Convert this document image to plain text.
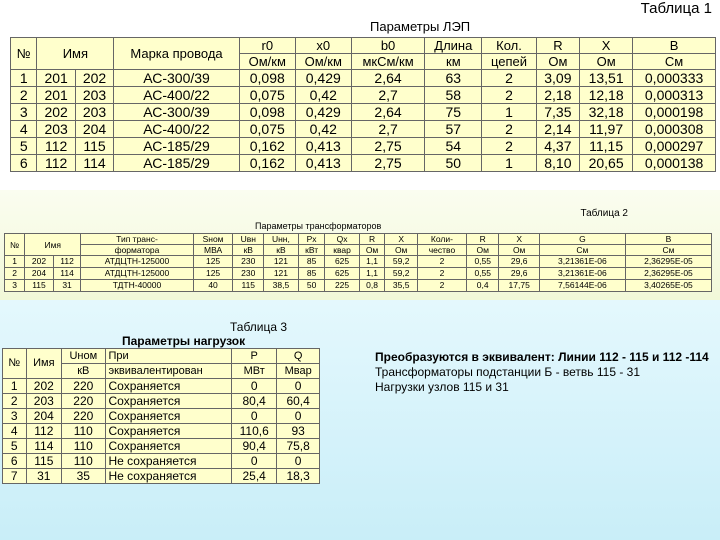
Таблица 1
Параметры ЛЭП
№	Имя		Марка провода	r0	x0	b0	Длина	Кол.	R	X	B
				Ом/км	Ом/км	мкСм/км	км	цепей	Ом	Ом	См
1	201	202	АС-300/39	0,098	0,429	2,64	63	2	3,09	13,51	0,000333
2	201	203	АС-400/22	0,075	0,42	2,7	58	2	2,18	12,18	0,000313
3	202	203	АС-300/39	0,098	0,429	2,64	75	1	7,35	32,18	0,000198
4	203	204	АС-400/22	0,075	0,42	2,7	57	2	2,14	11,97	0,000308
5	112	115	АС-185/29	0,162	0,413	2,75	54	2	4,37	11,15	0,000297
6	112	114	АС-185/29	0,162	0,413	2,75	50	1	8,10	20,65	0,000138
Таблица 2
Параметры трансформаторов
№	Имя		Тип транс-	Sном	Uвн	Uнн,	Px	Qx	R	X	Коли-	R	X	G	B
			форматора	МВА	кВ	кВ	кВт	квар	Ом	Ом	чество	Ом	Ом	См	См
1	202	112	АТДЦТН-125000	125	230	121	85	625	1,1	59,2	2	0,55	29,6	3,21361E-06	2,36295E-05
2	204	114	АТДЦТН-125000	125	230	121	85	625	1,1	59,2	2	0,55	29,6	3,21361E-06	2,36295E-05
3	115	31	ТДТН-40000	40	115	38,5	50	225	0,8	35,5	2	0,4	17,75	7,56144E-06	3,40265E-05
Таблица 3
Параметры нагрузок
№	Имя	Uном	При	P	Q
		кВ	эквивалентирован	МВт	Мвар
1	202	220	Сохраняется	0	0
2	203	220	Сохраняется	80,4	60,4
3	204	220	Сохраняется	0	0
4	112	110	Сохраняется	110,6	93
5	114	110	Сохраняется	90,4	75,8
6	115	110	Не сохраняется	0	0
7	31	35	Не сохраняется	25,4	18,3
Преобразуются в эквивалент: Линии 112 - 115 и 112 -114
Трансформаторы подстанции Б - ветвь 115 - 31
Нагрузки узлов 115 и 31
